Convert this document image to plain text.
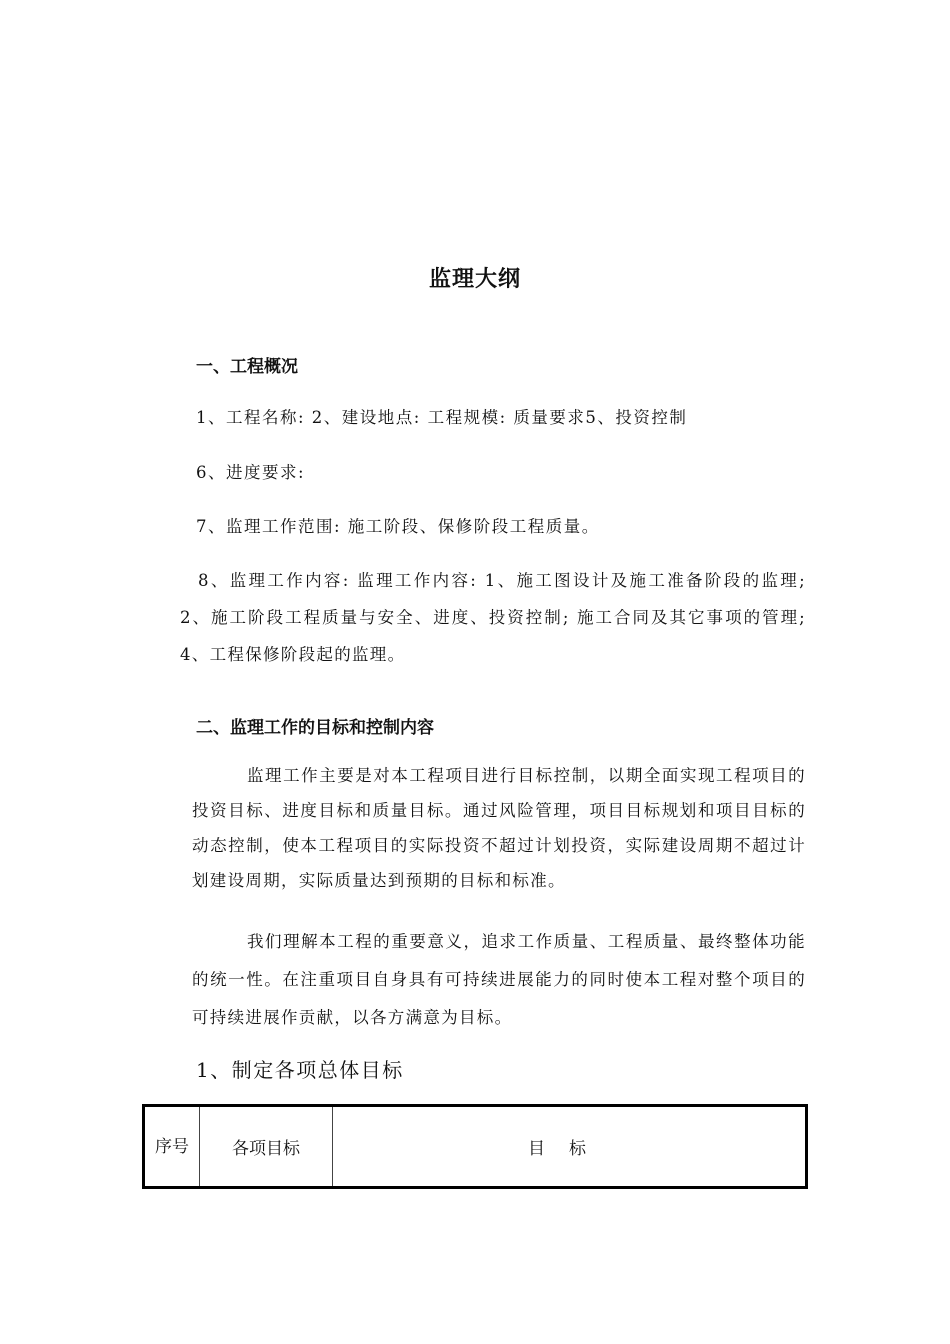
监理大纲
一、工程概况
1、工程名称: 2、建设地点: 工程规模: 质量要求5、投资控制
6、进度要求:
7、监理工作范围: 施工阶段、保修阶段工程质量。
8、监理工作内容: 监理工作内容: 1、施工图设计及施工准备阶段的监理; 2、施工阶段工程质量与安全、进度、投资控制; 施工合同及其它事项的管理; 4、工程保修阶段起的监理。
二、监理工作的目标和控制内容
监理工作主要是对本工程项目进行目标控制，以期全面实现工程项目的投资目标、进度目标和质量目标。通过风险管理，项目目标规划和项目目标的动态控制，使本工程项目的实际投资不超过计划投资，实际建设周期不超过计划建设周期，实际质量达到预期的目标和标准。
我们理解本工程的重要意义，追求工作质量、工程质量、最终整体功能的统一性。在注重项目自身具有可持续进展能力的同时使本工程对整个项目的可持续进展作贡献，以各方满意为目标。
1、制定各项总体目标
序号	各项目标	目标
